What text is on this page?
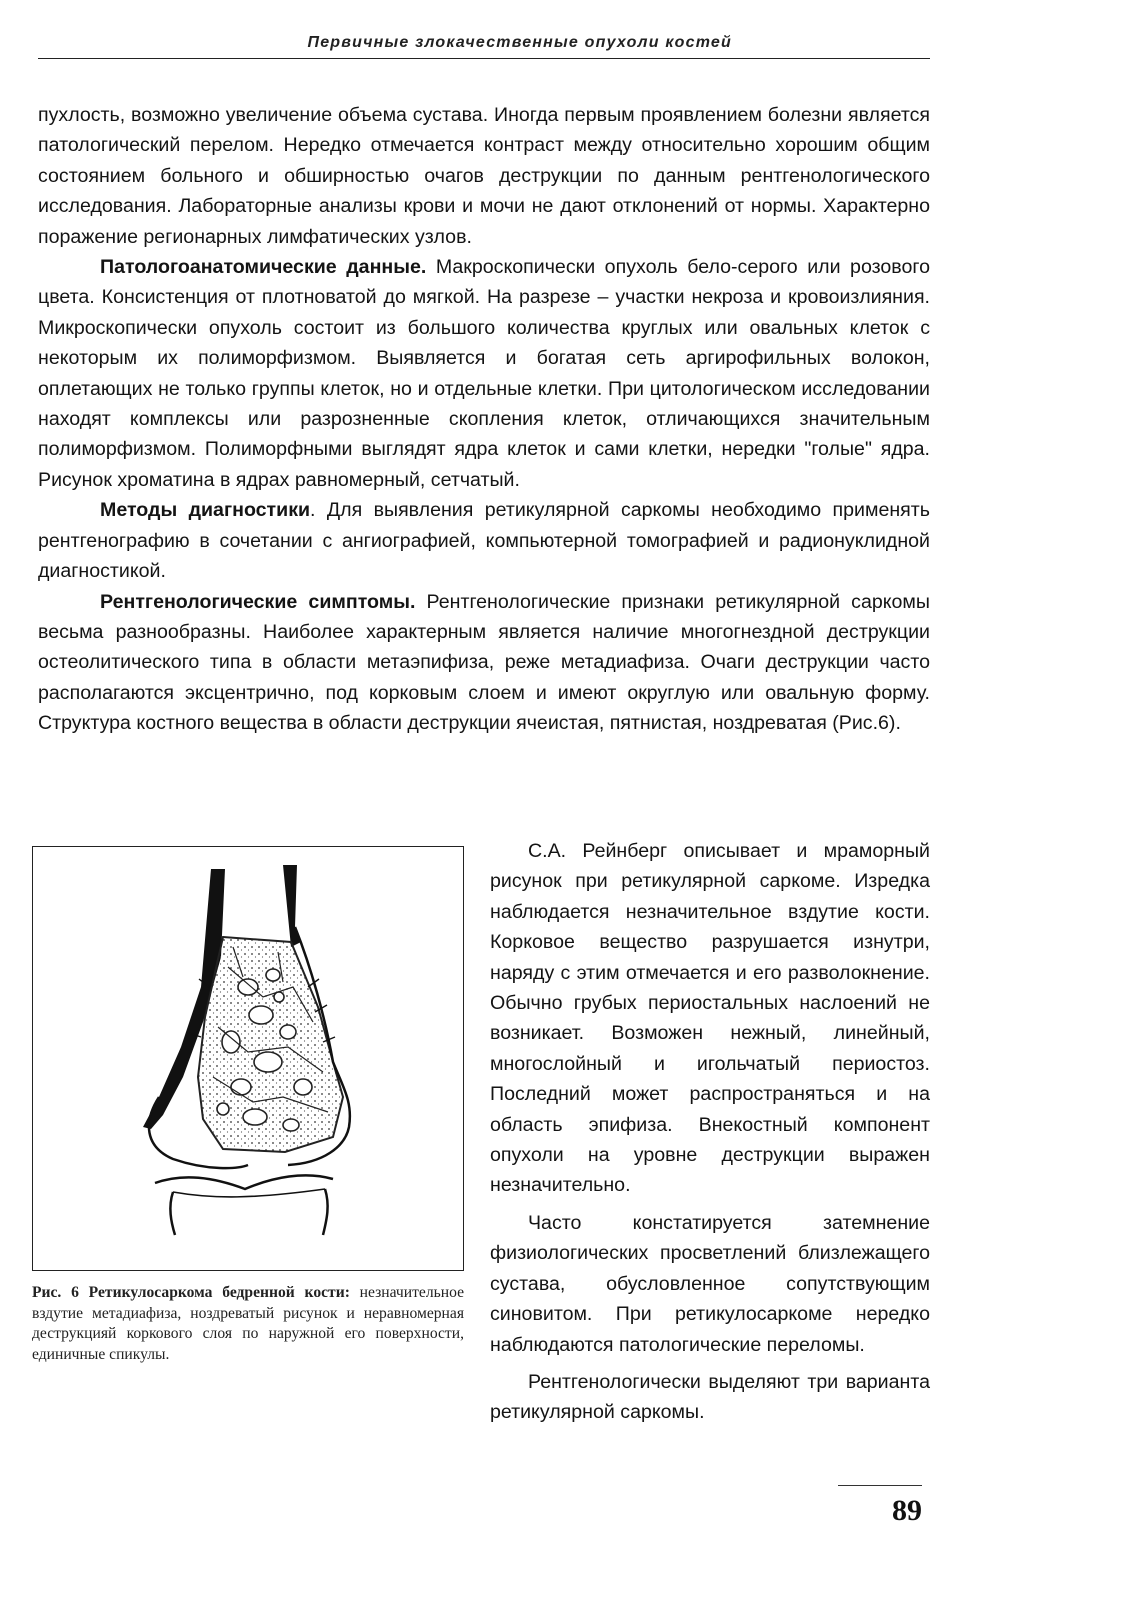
Первичные злокачественные опухоли костей

пухлость, возможно увеличение объема сустава. Иногда первым проявлением болезни является патологический перелом. Нередко отмечается контраст между относительно хорошим общим состоянием больного и обширностью очагов деструкции по данным рентгенологического исследования. Лабораторные анализы крови и мочи не дают отклонений от нормы. Характерно поражение регионарных лимфатических узлов.

Патологоанатомические данные. Макроскопически опухоль бело-серого или розового цвета. Консистенция от плотноватой до мягкой. На разрезе – участки некроза и кровоизлияния. Микроскопически опухоль состоит из большого количества круглых или овальных клеток с некоторым их полиморфизмом. Выявляется и богатая сеть аргирофильных волокон, оплетающих не только группы клеток, но и отдельные клетки. При цитологическом исследовании находят комплексы или разрозненные скопления клеток, отличающихся значительным полиморфизмом. Полиморфными выглядят ядра клеток и сами клетки, нередки "голые" ядра. Рисунок хроматина в ядрах равномерный, сетчатый.

Методы диагностики. Для выявления ретикулярной саркомы необходимо применять рентгенографию в сочетании с ангиографией, компьютерной томографией и радионуклидной диагностикой.

Рентгенологические симптомы. Рентгенологические признаки ретикулярной саркомы весьма разнообразны. Наиболее характерным является наличие многогнездной деструкции остеолитического типа в области метаэпифиза, реже метадиафиза. Очаги деструкции часто располагаются эксцентрично, под корковым слоем и имеют округлую или овальную форму. Структура костного вещества в области деструкции ячеистая, пятнистая, ноздреватая (Рис.6).

Рис. 6 Ретикулосаркома бедренной кости: незначительное вздутие метадиафиза, ноздреватый рисунок и неравномерная деструкцияй коркового слоя по наружной его поверхности, единичные спикулы.

С.А. Рейнберг описывает и мраморный рисунок при ретикулярной саркоме. Изредка наблюдается незначительное вздутие кости. Корковое вещество разрушается изнутри, наряду с этим отмечается и его разволокнение. Обычно грубых периостальных наслоений не возникает. Возможен нежный, линейный, многослойный и игольчатый периостоз. Последний может распространяться и на область эпифиза. Внекостный компонент опухоли на уровне деструкции выражен незначительно.

Часто констатируется затемнение физиологических просветлений близлежащего сустава, обусловленное сопутствующим синовитом. При ретикулосаркоме нередко наблюдаются патологические переломы.

Рентгенологически выделяют три варианта ретикулярной саркомы.

89
